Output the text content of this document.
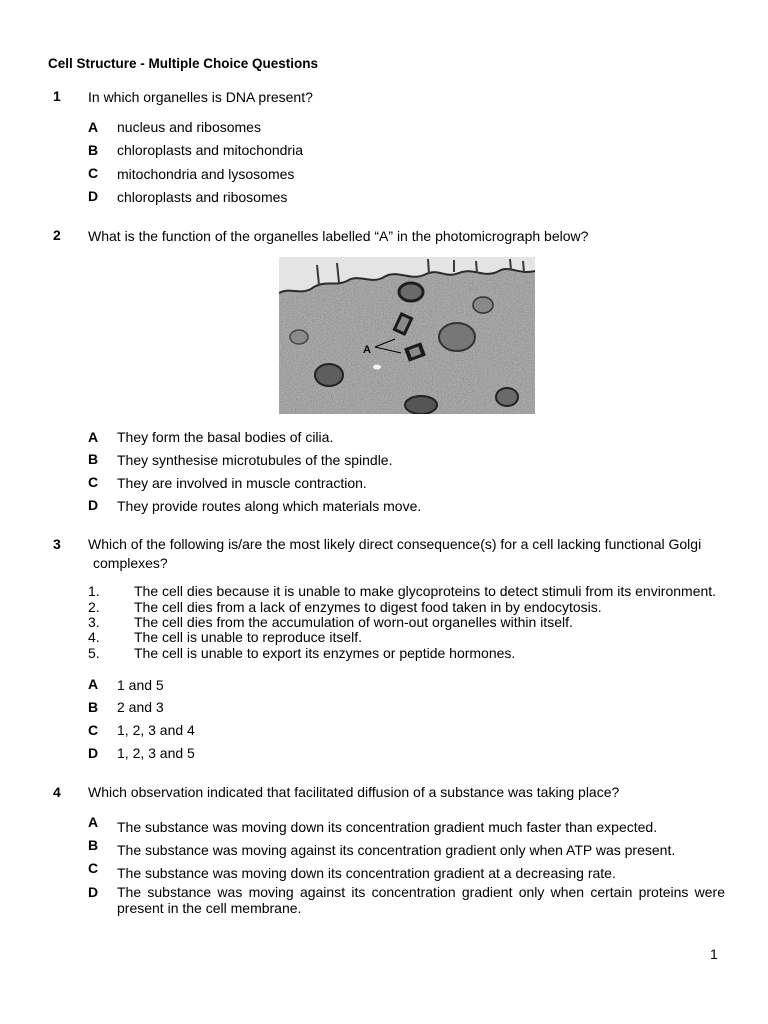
Cell Structure - Multiple Choice Questions
1 In which organelles is DNA present?
A nucleus and ribosomes
B chloroplasts and mitochondria
C mitochondria and lysosomes
D chloroplasts and ribosomes
2 What is the function of the organelles labelled “A” in the photomicrograph below?
A
A They form the basal bodies of cilia.
B They synthesise microtubules of the spindle.
C They are involved in muscle contraction.
D They provide routes along which materials move.
3 Which of the following is/are the most likely direct consequence(s) for a cell lacking functional Golgi
complexes?
1. The cell dies because it is unable to make glycoproteins to detect stimuli from its environment.
2. The cell dies from a lack of enzymes to digest food taken in by endocytosis.
3. The cell dies from the accumulation of worn-out organelles within itself.
4. The cell is unable to reproduce itself.
5. The cell is unable to export its enzymes or peptide hormones.
A 1 and 5
B 2 and 3
C 1, 2, 3 and 4
D 1, 2, 3 and 5
4 Which observation indicated that facilitated diffusion of a substance was taking place?
A The substance was moving down its concentration gradient much faster than expected.
B The substance was moving against its concentration gradient only when ATP was present.
C The substance was moving down its concentration gradient at a decreasing rate.
D The substance was moving against its concentration gradient only when certain proteins were
present in the cell membrane.
1
